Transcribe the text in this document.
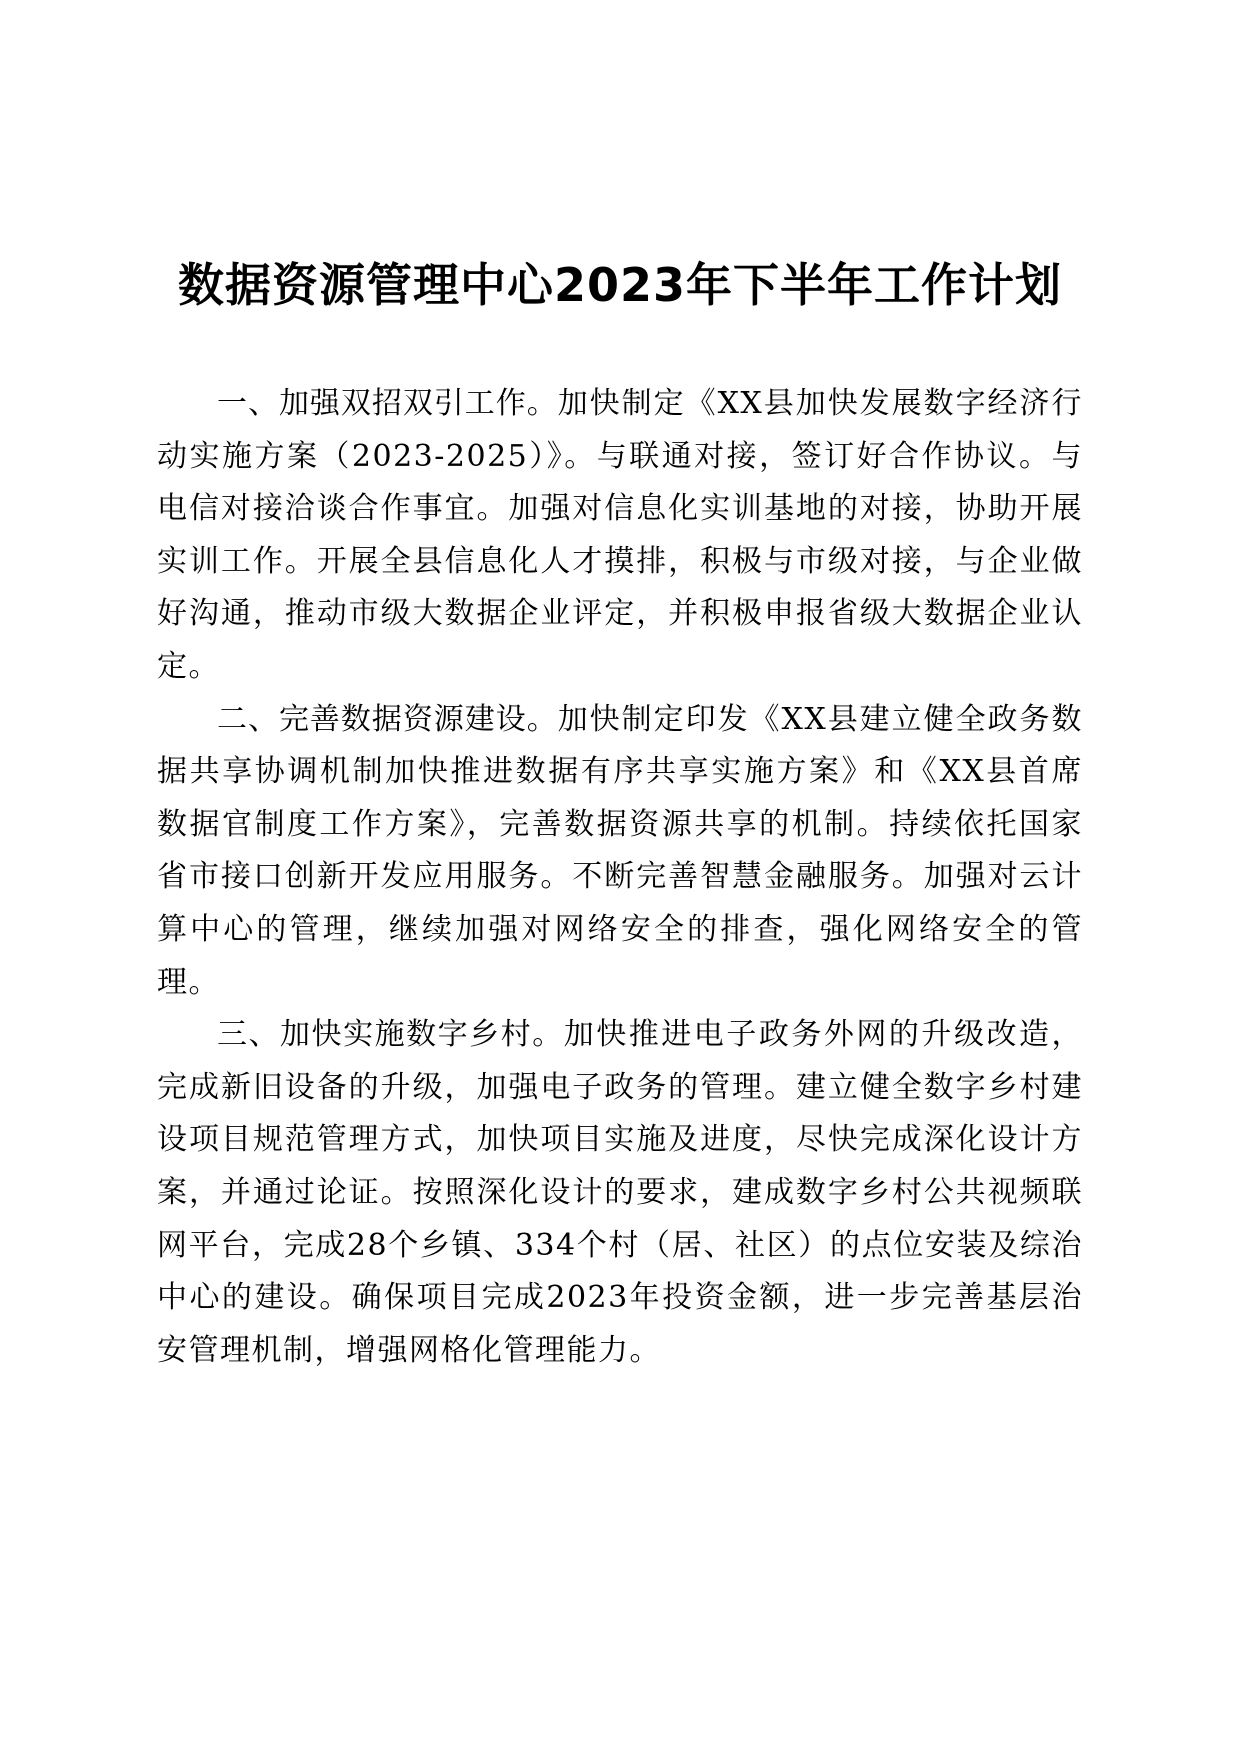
数据资源管理中心2023年下半年工作计划

一、加强双招双引工作。加快制定《XX县加快发展数字经济行动实施方案（2023-2025）》。与联通对接，签订好合作协议。与电信对接洽谈合作事宜。加强对信息化实训基地的对接，协助开展实训工作。开展全县信息化人才摸排，积极与市级对接，与企业做好沟通，推动市级大数据企业评定，并积极申报省级大数据企业认定。

二、完善数据资源建设。加快制定印发《XX县建立健全政务数据共享协调机制加快推进数据有序共享实施方案》和《XX县首席数据官制度工作方案》，完善数据资源共享的机制。持续依托国家省市接口创新开发应用服务。不断完善智慧金融服务。加强对云计算中心的管理，继续加强对网络安全的排查，强化网络安全的管理。

三、加快实施数字乡村。加快推进电子政务外网的升级改造，完成新旧设备的升级，加强电子政务的管理。建立健全数字乡村建设项目规范管理方式，加快项目实施及进度，尽快完成深化设计方案，并通过论证。按照深化设计的要求，建成数字乡村公共视频联网平台，完成28个乡镇、334个村（居、社区）的点位安装及综治中心的建设。确保项目完成2023年投资金额，进一步完善基层治安管理机制，增强网格化管理能力。
